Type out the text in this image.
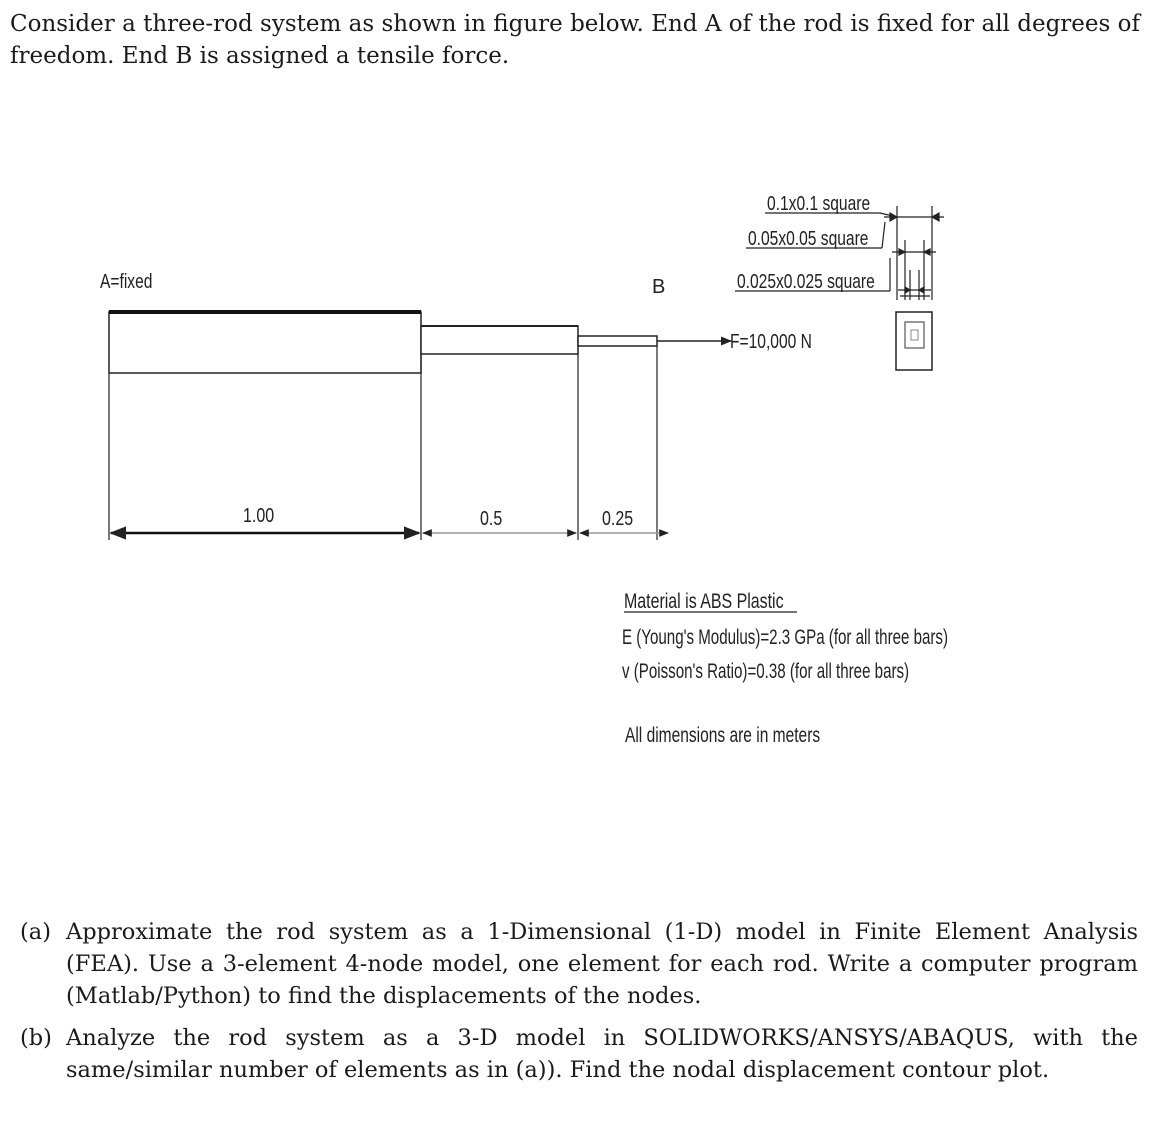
Consider a three-rod system as shown in figure below. End A of the rod is fixed for all degrees of freedom. End B is assigned a tensile force.
A=fixed	B
F=10,000 N
1.00	0.5	0.25
0.1x0.1 square
0.05x0.05 square
0.025x0.025 square
Material is ABS Plastic
E (Young's Modulus)=2.3 GPa (for all three bars)
v (Poisson's Ratio)=0.38 (for all three bars)
All dimensions are in meters
(a) Approximate the rod system as a 1-Dimensional (1-D) model in Finite Element Analysis
(FEA). Use a 3-element 4-node model, one element for each rod. Write a computer program
(Matlab/Python) to find the displacements of the nodes.
(b) Analyze the rod system as a 3-D model in SOLIDWORKS/ANSYS/ABAQUS, with the
same/similar number of elements as in (a)). Find the nodal displacement contour plot.
